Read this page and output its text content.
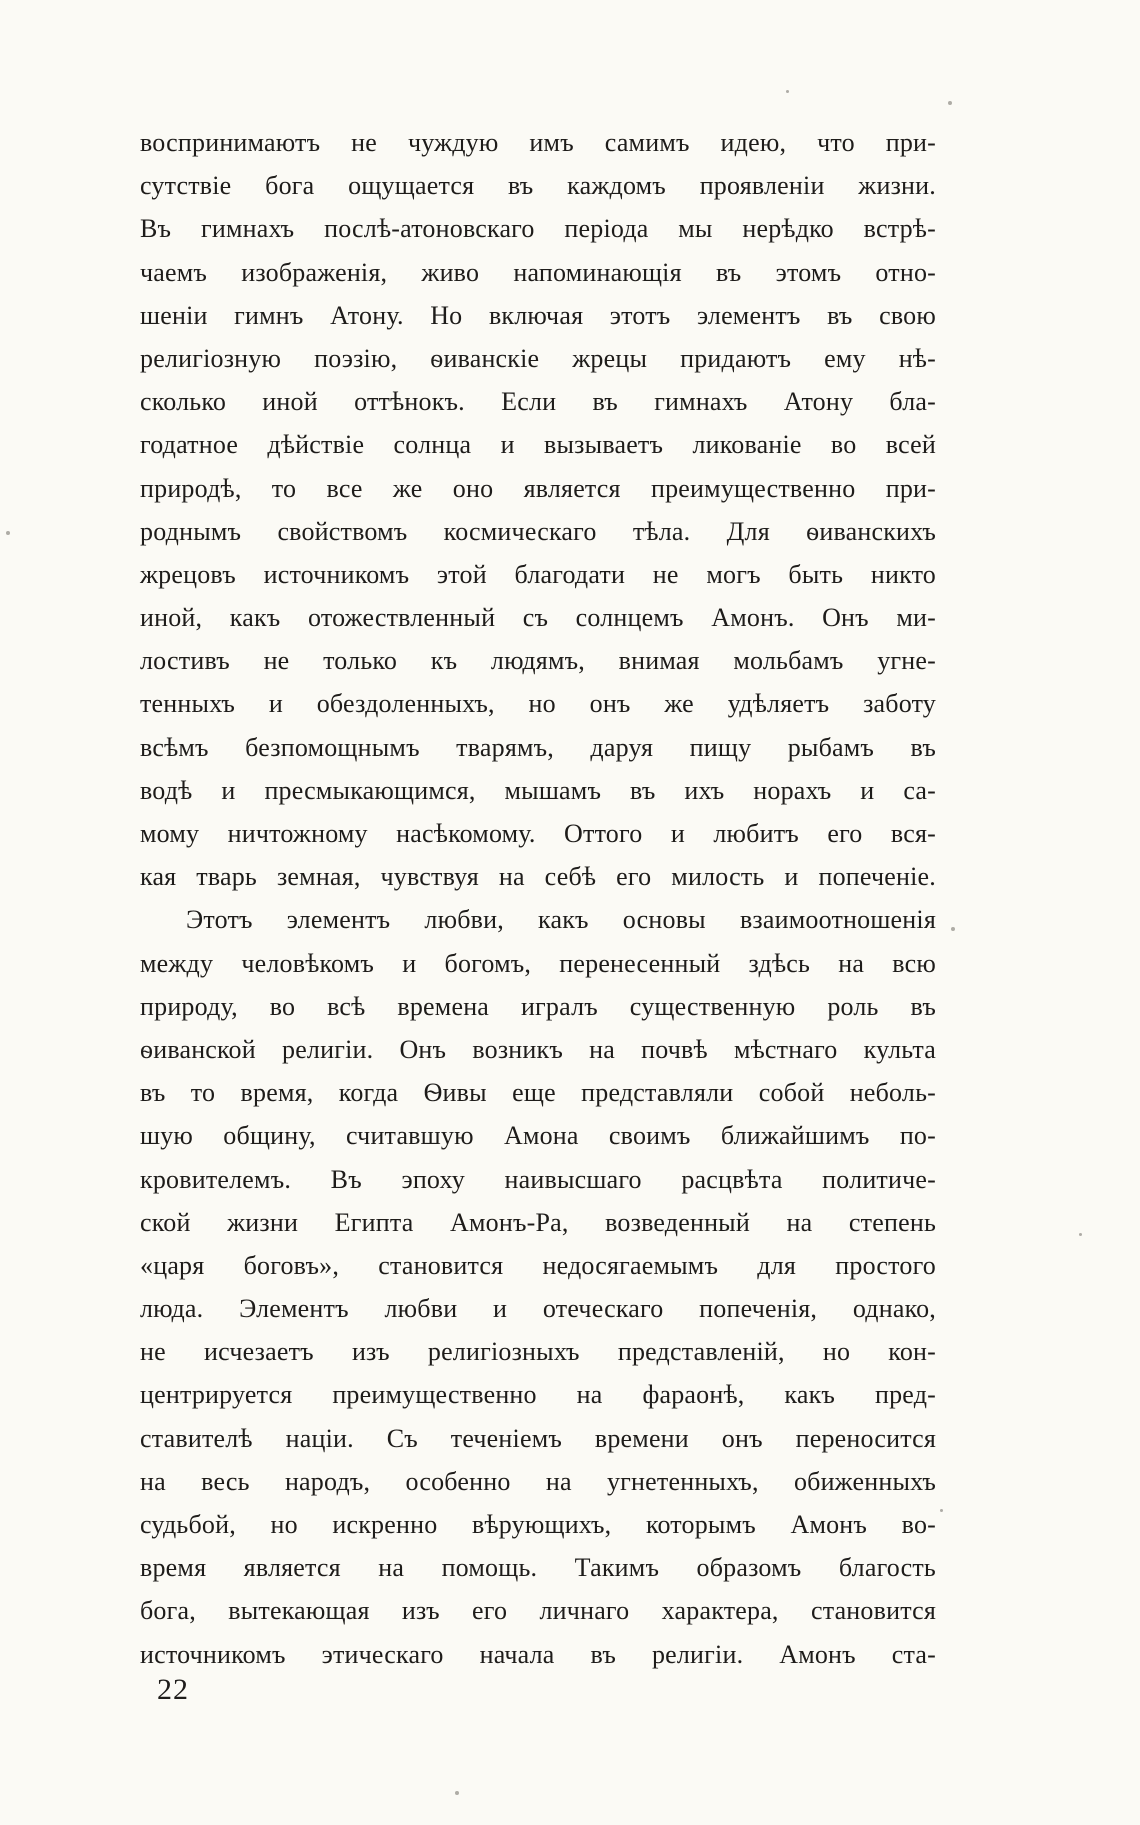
воспринимаютъ не чуждую имъ самимъ идею, что при-
сутствіе бога ощущается въ каждомъ проявленіи жизни.
Въ гимнахъ послѣ-атоновскаго періода мы нерѣдко встрѣ-
чаемъ изображенія, живо напоминающія въ этомъ отно-
шеніи гимнъ Атону. Но включая этотъ элементъ въ свою
религіозную поэзію, ѳиванскіе жрецы придаютъ ему нѣ-
сколько иной оттѣнокъ. Если въ гимнахъ Атону бла-
годатное дѣйствіе солнца и вызываетъ ликованіе во всей
природѣ, то все же оно является преимущественно при-
роднымъ свойствомъ космическаго тѣла. Для ѳиванскихъ
жрецовъ источникомъ этой благодати не могъ быть никто
иной, какъ отожествленный съ солнцемъ Амонъ. Онъ ми-
лостивъ не только къ людямъ, внимая мольбамъ угне-
тенныхъ и обездоленныхъ, но онъ же удѣляетъ заботу
всѣмъ безпомощнымъ тварямъ, даруя пищу рыбамъ въ
водѣ и пресмыкающимся, мышамъ въ ихъ норахъ и са-
мому ничтожному насѣкомому. Оттого и любитъ его вся-
кая тварь земная, чувствуя на себѣ его милость и попеченіе.
Этотъ элементъ любви, какъ основы взаимоотношенія
между человѣкомъ и богомъ, перенесенный здѣсь на всю
природу, во всѣ времена игралъ существенную роль въ
ѳиванской религіи. Онъ возникъ на почвѣ мѣстнаго культа
въ то время, когда Ѳивы еще представляли собой неболь-
шую общину, считавшую Амона своимъ ближайшимъ по-
кровителемъ. Въ эпоху наивысшаго расцвѣта политиче-
ской жизни Египта Амонъ-Ра, возведенный на степень
«царя боговъ», становится недосягаемымъ для простого
люда. Элементъ любви и отеческаго попеченія, однако,
не исчезаетъ изъ религіозныхъ представленій, но кон-
центрируется преимущественно на фараонѣ, какъ пред-
ставителѣ націи. Съ теченіемъ времени онъ переносится
на весь народъ, особенно на угнетенныхъ, обиженныхъ
судьбой, но искренно вѣрующихъ, которымъ Амонъ во-
время является на помощь. Такимъ образомъ благость
бога, вытекающая изъ его личнаго характера, становится
источникомъ этическаго начала въ религіи. Амонъ ста-
22
